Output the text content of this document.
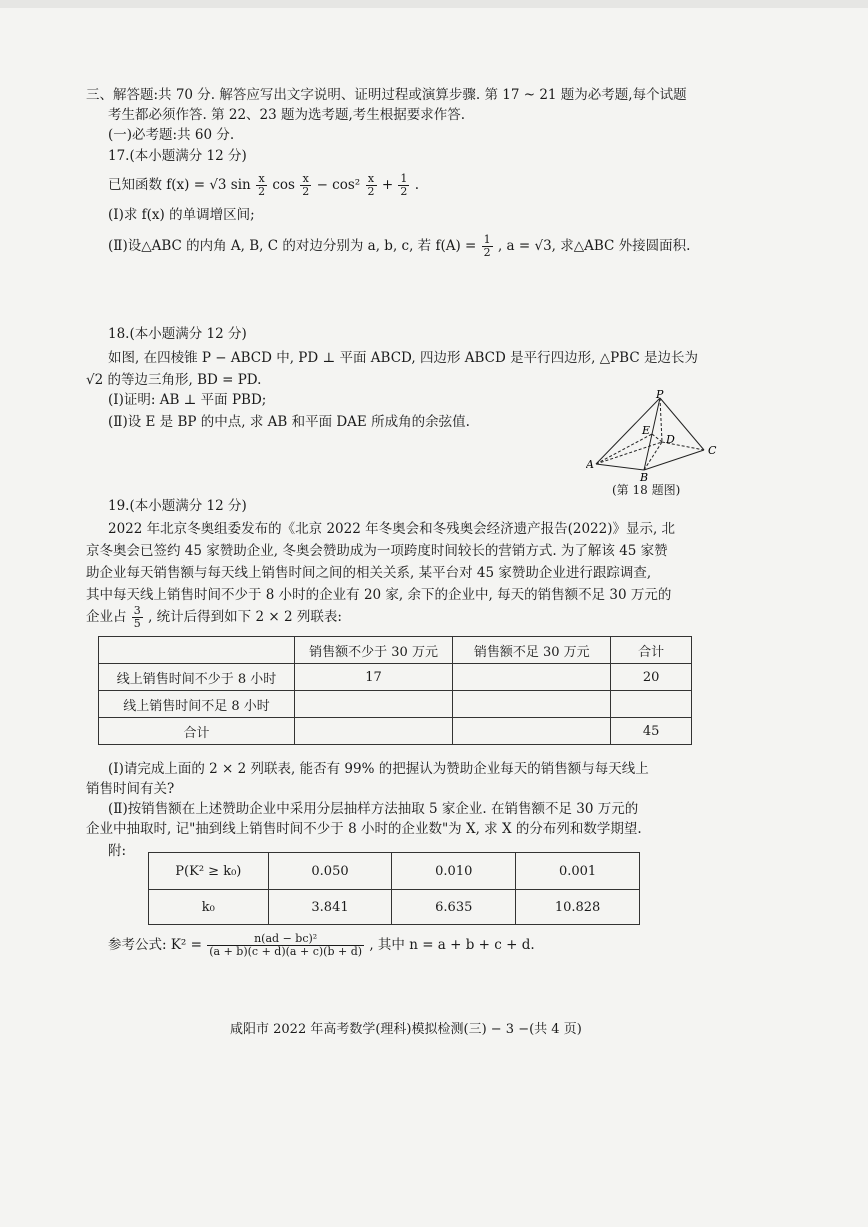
三、解答题:共 70 分. 解答应写出文字说明、证明过程或演算步骤. 第 17 ~ 21 题为必考题,每个试题
考生都必须作答. 第 22、23 题为选考题,考生根据要求作答.
(一)必考题:共 60 分.
17.(本小题满分 12 分)
已知函数 f(x) = √3 $\sin \frac{x}{2}$ $\cos \frac{x}{2} - \cos^2 \frac{x}{2} + \frac{1}{2}$ .
(Ⅰ)求 f(x) 的单调增区间;
(Ⅱ)设△ABC 的内角 A, B, C 的对边分别为 a, b, c, 若 $f(A) = \frac{1}{2}$ , a = √3, 求△ABC 外接圆面积.
18.(本小题满分 12 分)
如图, 在四棱锥 P − ABCD 中, PD ⊥ 平面 ABCD, 四边形 ABCD 是平行四边形, △PBC 是边长为
√2 的等边三角形, BD = PD.
(Ⅰ)证明: AB ⊥ 平面 PBD;
(Ⅱ)设 E 是 BP 的中点, 求 AB 和平面 DAE 所成角的余弦值.
P
E
D
A
B
C
(第 18 题图)
19.(本小题满分 12 分)
2022 年北京冬奥组委发布的《北京 2022 年冬奥会和冬残奥会经济遗产报告(2022)》显示, 北
京冬奥会已签约 45 家赞助企业, 冬奥会赞助成为一项跨度时间较长的营销方式. 为了解该 45 家赞
助企业每天销售额与每天线上销售时间之间的相关关系, 某平台对 45 家赞助企业进行跟踪调查,
其中每天线上销售时间不少于 8 小时的企业有 20 家, 余下的企业中, 每天的销售额不足 30 万元的
企业占 $\frac{3}{5}$ , 统计后得到如下 2 × 2 列联表:
	销售额不少于 30 万元	销售额不足 30 万元	合计
线上销售时间不少于 8 小时	17		20
线上销售时间不足 8 小时			
合计			45
(Ⅰ)请完成上面的 2 × 2 列联表, 能否有 99% 的把握认为赞助企业每天的销售额与每天线上
销售时间有关?
(Ⅱ)按销售额在上述赞助企业中采用分层抽样方法抽取 5 家企业. 在销售额不足 30 万元的
企业中抽取时, 记"抽到线上销售时间不少于 8 小时的企业数"为 X, 求 X 的分布列和数学期望.
附:
P(K² ≥ k₀)	0.050	0.010	0.001
k₀	3.841	6.635	10.828
参考公式: $K^2 = \frac{\text{n(ad − bc)²}}{(a + b)(c + d)(a + c)(b + d)}$ , 其中 n = a + b + c + d.
咸阳市 2022 年高考数学(理科)模拟检测(三) − 3 −(共 4 页)
